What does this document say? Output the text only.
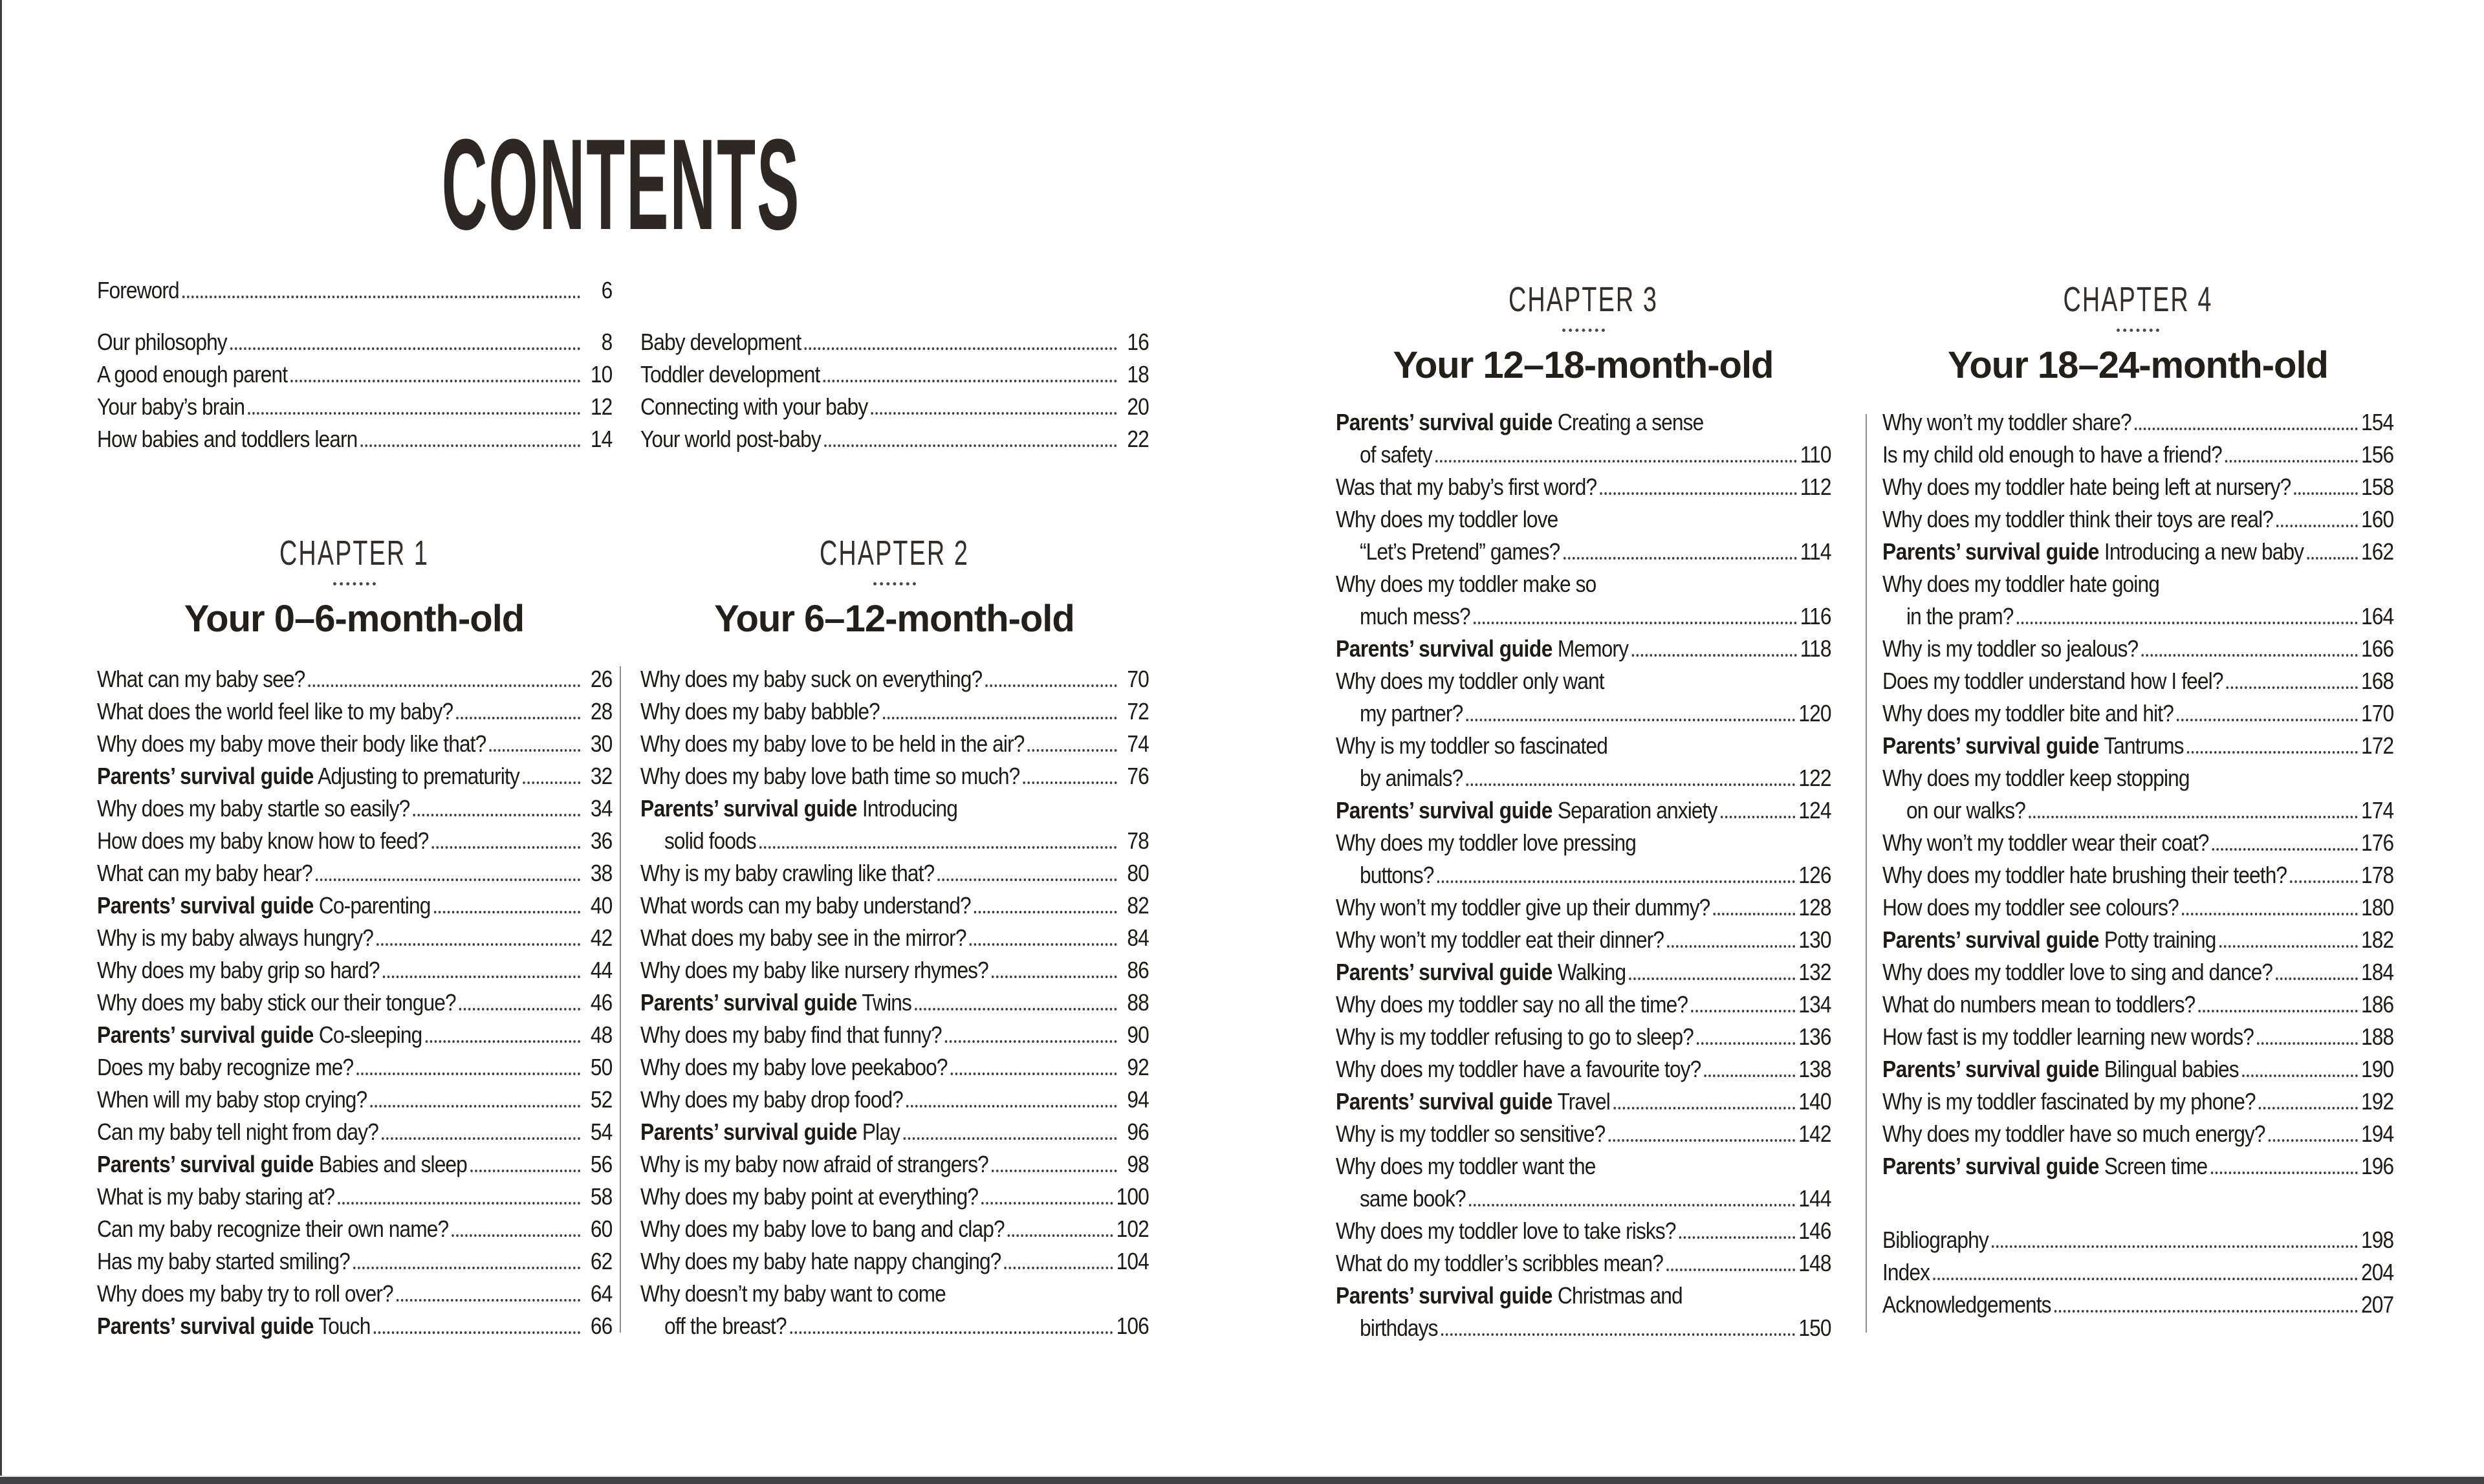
CONTENTS
Foreword	6
Our philosophy	8
A good enough parent	10
Your baby’s brain	12
How babies and toddlers learn	14
Baby development	16
Toddler development	18
Connecting with your baby	20
Your world post-baby	22
CHAPTER 1
Your 0–6-month-old
What can my baby see?	26
What does the world feel like to my baby?	28
Why does my baby move their body like that?	30
Parents’ survival guide Adjusting to prematurity	32
Why does my baby startle so easily?	34
How does my baby know how to feed?	36
What can my baby hear?	38
Parents’ survival guide Co-parenting	40
Why is my baby always hungry?	42
Why does my baby grip so hard?	44
Why does my baby stick our their tongue?	46
Parents’ survival guide Co-sleeping	48
Does my baby recognize me?	50
When will my baby stop crying?	52
Can my baby tell night from day?	54
Parents’ survival guide Babies and sleep	56
What is my baby staring at?	58
Can my baby recognize their own name?	60
Has my baby started smiling?	62
Why does my baby try to roll over?	64
Parents’ survival guide Touch	66
CHAPTER 2
Your 6–12-month-old
Why does my baby suck on everything?	70
Why does my baby babble?	72
Why does my baby love to be held in the air?	74
Why does my baby love bath time so much?	76
Parents’ survival guide Introducing
solid foods	78
Why is my baby crawling like that?	80
What words can my baby understand?	82
What does my baby see in the mirror?	84
Why does my baby like nursery rhymes?	86
Parents’ survival guide Twins	88
Why does my baby find that funny?	90
Why does my baby love peekaboo?	92
Why does my baby drop food?	94
Parents’ survival guide Play	96
Why is my baby now afraid of strangers?	98
Why does my baby point at everything?	100
Why does my baby love to bang and clap?	102
Why does my baby hate nappy changing?	104
Why doesn’t my baby want to come
off the breast?	106
CHAPTER 3
Your 12–18-month-old
Parents’ survival guide Creating a sense
of safety	110
Was that my baby’s first word?	112
Why does my toddler love
“Let’s Pretend” games?	114
Why does my toddler make so
much mess?	116
Parents’ survival guide Memory	118
Why does my toddler only want
my partner?	120
Why is my toddler so fascinated
by animals?	122
Parents’ survival guide Separation anxiety	124
Why does my toddler love pressing
buttons?	126
Why won’t my toddler give up their dummy?	128
Why won’t my toddler eat their dinner?	130
Parents’ survival guide Walking	132
Why does my toddler say no all the time?	134
Why is my toddler refusing to go to sleep?	136
Why does my toddler have a favourite toy?	138
Parents’ survival guide Travel	140
Why is my toddler so sensitive?	142
Why does my toddler want the
same book?	144
Why does my toddler love to take risks?	146
What do my toddler’s scribbles mean?	148
Parents’ survival guide Christmas and
birthdays	150
CHAPTER 4
Your 18–24-month-old
Why won’t my toddler share?	154
Is my child old enough to have a friend?	156
Why does my toddler hate being left at nursery?	158
Why does my toddler think their toys are real?	160
Parents’ survival guide Introducing a new baby 162
Why does my toddler hate going
in the pram?	164
Why is my toddler so jealous?	166
Does my toddler understand how I feel?	168
Why does my toddler bite and hit?	170
Parents’ survival guide Tantrums	172
Why does my toddler keep stopping
on our walks?	174
Why won’t my toddler wear their coat?	176
Why does my toddler hate brushing their teeth?	178
How does my toddler see colours?	180
Parents’ survival guide Potty training	182
Why does my toddler love to sing and dance?	184
What do numbers mean to toddlers?	186
How fast is my toddler learning new words?	188
Parents’ survival guide Bilingual babies	190
Why is my toddler fascinated by my phone?	192
Why does my toddler have so much energy?	194
Parents’ survival guide Screen time	196
Bibliography	198
Index	204
Acknowledgements	207
